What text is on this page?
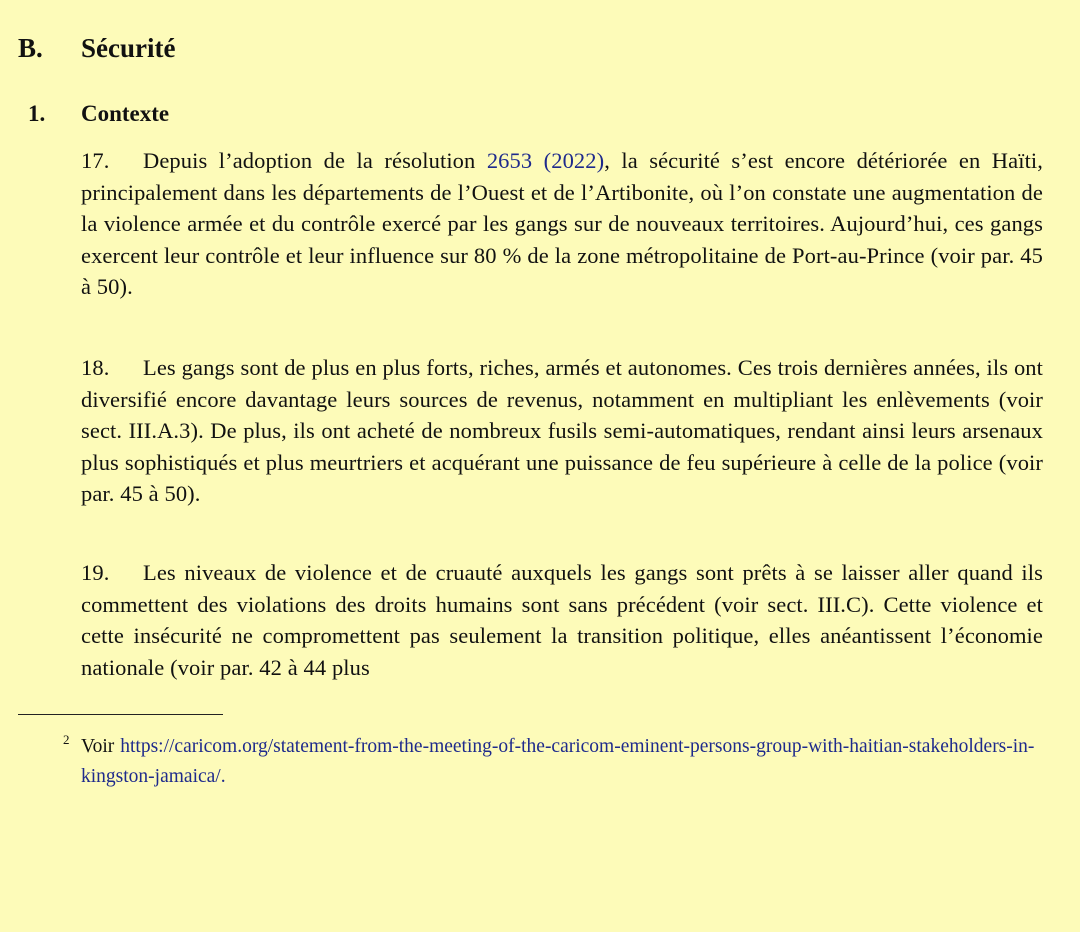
B. Sécurité
1. Contexte

17. Depuis l’adoption de la résolution 2653 (2022), la sécurité s’est encore détériorée en Haïti, principalement dans les départements de l’Ouest et de l’Artibonite, où l’on constate une augmentation de la violence armée et du contrôle exercé par les gangs sur de nouveaux territoires. Aujourd’hui, ces gangs exercent leur contrôle et leur influence sur 80 % de la zone métropolitaine de Port-au-Prince (voir par. 45 à 50).

18. Les gangs sont de plus en plus forts, riches, armés et autonomes. Ces trois dernières années, ils ont diversifié encore davantage leurs sources de revenus, notamment en multipliant les enlèvements (voir sect. III.A.3). De plus, ils ont acheté de nombreux fusils semi-automatiques, rendant ainsi leurs arsenaux plus sophistiqués et plus meurtriers et acquérant une puissance de feu supérieure à celle de la police (voir par. 45 à 50).

19. Les niveaux de violence et de cruauté auxquels les gangs sont prêts à se laisser aller quand ils commettent des violations des droits humains sont sans précédent (voir sect. III.C). Cette violence et cette insécurité ne compromettent pas seulement la transition politique, elles anéantissent l’économie nationale (voir par. 42 à 44 plus

2 Voir https://caricom.org/statement-from-the-meeting-of-the-caricom-eminent-persons-group-with-haitian-stakeholders-in-kingston-jamaica/.
